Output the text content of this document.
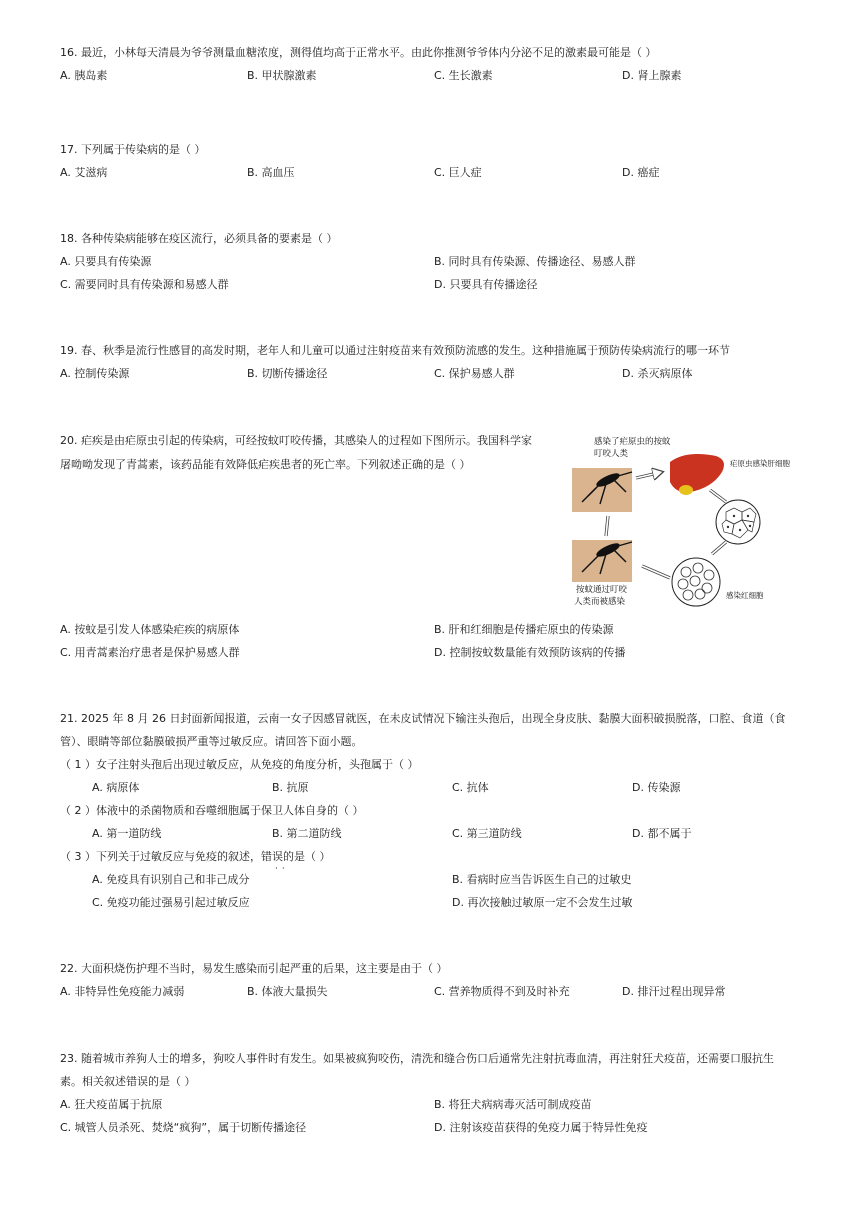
16. 最近，小林每天清晨为爷爷测量血糖浓度，测得值均高于正常水平。由此你推测爷爷体内分泌不足的激素最可能是（ ）
A. 胰岛素	B. 甲状腺激素	C. 生长激素	D. 肾上腺素
17. 下列属于传染病的是（ ）
A. 艾滋病	B. 高血压	C. 巨人症	D. 癌症
18. 各种传染病能够在疫区流行，必须具备的要素是（ ）
A. 只要具有传染源	B. 同时具有传染源、传播途径、易感人群
C. 需要同时具有传染源和易感人群	D. 只要具有传播途径
19. 春、秋季是流行性感冒的高发时期，老年人和儿童可以通过注射疫苗来有效预防流感的发生。这种措施属于预防传染病流行的哪一环节
A. 控制传染源	B. 切断传播途径	C. 保护易感人群	D. 杀灭病原体
20. 疟疾是由疟原虫引起的传染病，可经按蚊叮咬传播，其感染人的过程如下图所示。我国科学家
屠呦呦发现了青蒿素，该药品能有效降低疟疾患者的死亡率。下列叙述正确的是（ ）
感染了疟原虫的按蚊
叮咬人类
疟原虫感染肝细胞
感染红细胞
按蚊通过叮咬
人类而被感染
A. 按蚊是引发人体感染疟疾的病原体	B. 肝和红细胞是传播疟原虫的传染源
C. 用青蒿素治疗患者是保护易感人群	D. 控制按蚊数量能有效预防该病的传播
21. 2025 年 8 月 26 日封面新闻报道，云南一女子因感冒就医，在未皮试情况下输注头孢后，出现全身皮肤、黏膜大面积破损脱落，口腔、食道（食
管）、眼睛等部位黏膜破损严重等过敏反应。请回答下面小题。
（ 1 ）女子注射头孢后出现过敏反应，从免疫的角度分析，头孢属于（ ）
A. 病原体	B. 抗原	C. 抗体	D. 传染源
（ 2 ）体液中的杀菌物质和吞噬细胞属于保卫人体自身的（ ）
A. 第一道防线	B. 第二道防线	C. 第三道防线	D. 都不属于
（ 3 ）下列关于过敏反应与免疫的叙述，错误的是（ ）
··
A. 免疫具有识别自己和非己成分	B. 看病时应当告诉医生自己的过敏史
C. 免疫功能过强易引起过敏反应	D. 再次接触过敏原一定不会发生过敏
22. 大面积烧伤护理不当时，易发生感染而引起严重的后果，这主要是由于（ ）
A. 非特异性免疫能力减弱	B. 体液大量损失	C. 营养物质得不到及时补充	D. 排汗过程出现异常
23. 随着城市养狗人士的增多，狗咬人事件时有发生。如果被疯狗咬伤，清洗和缝合伤口后通常先注射抗毒血清，再注射狂犬疫苗，还需要口服抗生
素。相关叙述错误的是（ ）
A. 狂犬疫苗属于抗原	B. 将狂犬病病毒灭活可制成疫苗
C. 城管人员杀死、焚烧“疯狗”，属于切断传播途径	D. 注射该疫苗获得的免疫力属于特异性免疫
